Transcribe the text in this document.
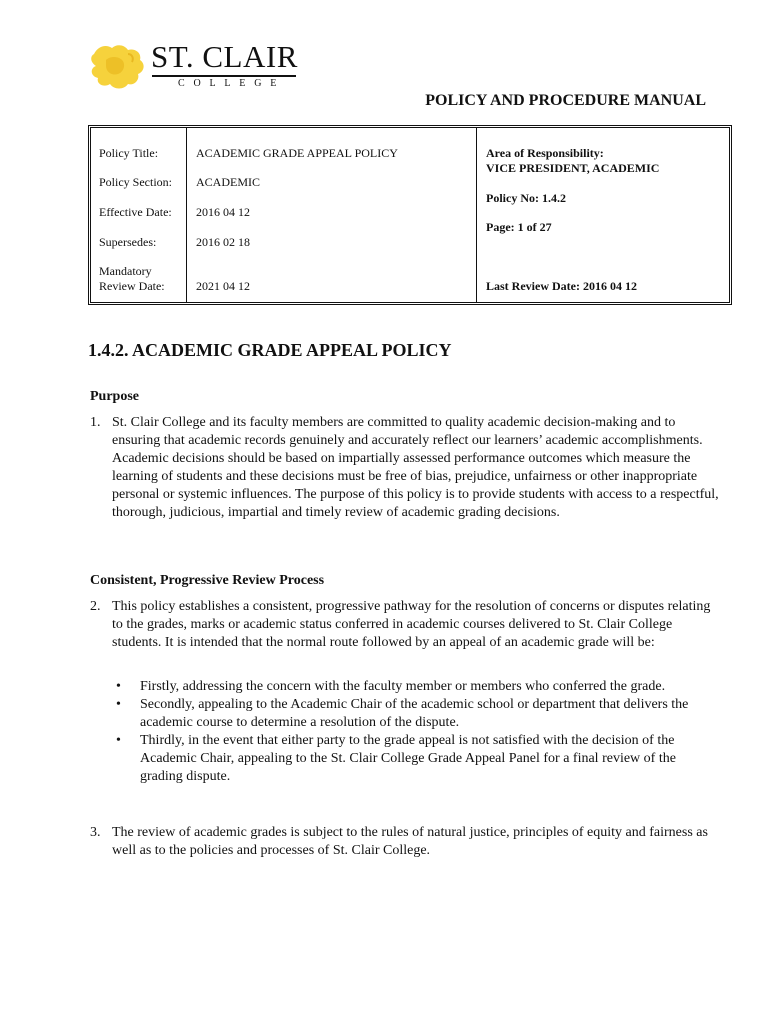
ST. CLAIR
COLLEGE
POLICY AND PROCEDURE MANUAL
Policy Title:	ACADEMIC GRADE APPEAL POLICY
Policy Section: ACADEMIC
Effective Date: 2016 04 12
Supersedes:	2016 02 18
Mandatory
Review Date:	2021 04 12
Area of Responsibility:
VICE PRESIDENT, ACADEMIC
Policy No: 1.4.2
Page: 1 of 27
Last Review Date: 2016 04 12
1.4.2. ACADEMIC GRADE APPEAL POLICY
Purpose
1. St. Clair College and its faculty members are committed to quality academic decision-making and to ensuring that academic records genuinely and accurately reflect our learners’ academic accomplishments. Academic decisions should be based on impartially assessed performance outcomes which measure the learning of students and these decisions must be free of bias, prejudice, unfairness or other inappropriate personal or systemic influences. The purpose of this policy is to provide students with access to a respectful, thorough, judicious, impartial and timely review of academic grading decisions.
Consistent, Progressive Review Process
2. This policy establishes a consistent, progressive pathway for the resolution of concerns or disputes relating to the grades, marks or academic status conferred in academic courses delivered to St. Clair College students. It is intended that the normal route followed by an appeal of an academic grade will be:
• Firstly, addressing the concern with the faculty member or members who conferred the grade.
• Secondly, appealing to the Academic Chair of the academic school or department that delivers the academic course to determine a resolution of the dispute.
• Thirdly, in the event that either party to the grade appeal is not satisfied with the decision of the Academic Chair, appealing to the St. Clair College Grade Appeal Panel for a final review of the grading dispute.
3. The review of academic grades is subject to the rules of natural justice, principles of equity and fairness as well as to the policies and processes of St. Clair College.
